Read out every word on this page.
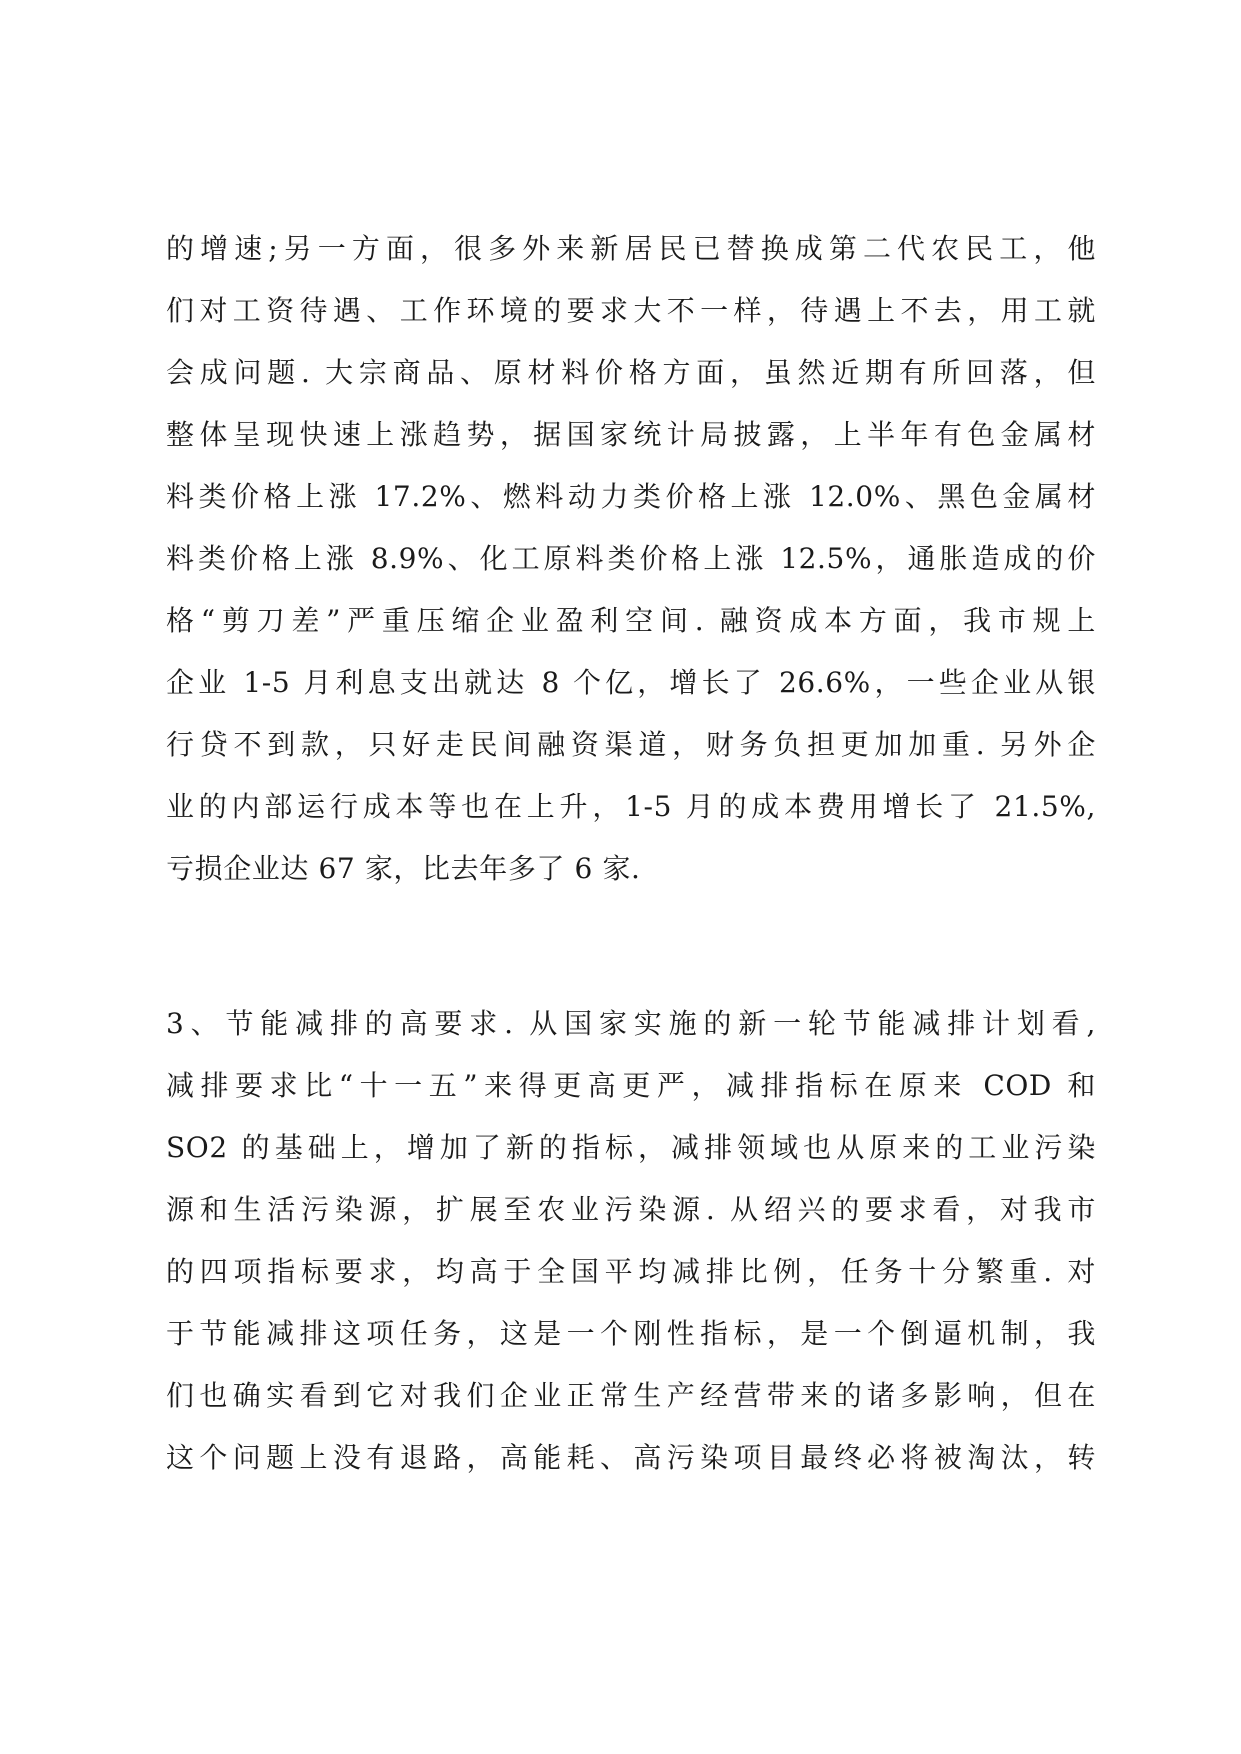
的增速;另一方面，很多外来新居民已替换成第二代农民工，他
们对工资待遇、工作环境的要求大不一样，待遇上不去，用工就
会成问题. 大宗商品、原材料价格方面，虽然近期有所回落，但
整体呈现快速上涨趋势，据国家统计局披露，上半年有色金属材
料类价格上涨 17.2%、燃料动力类价格上涨 12.0%、黑色金属材
料类价格上涨 8.9%、化工原料类价格上涨 12.5%，通胀造成的价
格“剪刀差”严重压缩企业盈利空间. 融资成本方面，我市规上
企业 1-5 月利息支出就达 8 个亿，增长了 26.6%，一些企业从银
行贷不到款，只好走民间融资渠道，财务负担更加加重. 另外企
业的内部运行成本等也在上升，1-5 月的成本费用增长了 21.5%,
亏损企业达 67 家，比去年多了 6 家.
3、节能减排的高要求. 从国家实施的新一轮节能减排计划看,
减排要求比“十一五”来得更高更严，减排指标在原来 COD 和
SO2 的基础上，增加了新的指标，减排领域也从原来的工业污染
源和生活污染源，扩展至农业污染源. 从绍兴的要求看，对我市
的四项指标要求，均高于全国平均减排比例，任务十分繁重. 对
于节能减排这项任务，这是一个刚性指标，是一个倒逼机制，我
们也确实看到它对我们企业正常生产经营带来的诸多影响，但在
这个问题上没有退路，高能耗、高污染项目最终必将被淘汰，转
